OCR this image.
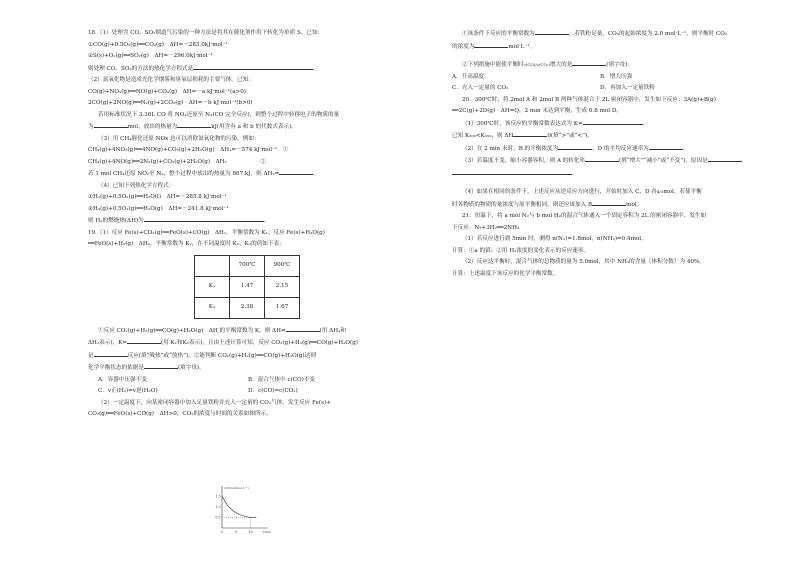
18.（1）处理含 CO、SO₂烟道气污染的一种方法是将其在催化剂作用下转化为单质 S。已知：
①CO(g)+0.5O₂(g)══CO₂(g)　ΔH=－283.0kJ·mol⁻¹
②S(s)+O₂(g)══SO₂(g)　ΔH=－296.0kJ·mol⁻¹
则处理 CO、SO₂的方法的热化学方程式是	。
（2）氮氧化物是造成光化学烟雾和臭氧层损耗的主要气体。已知：
CO(g)+NO₂(g)══NO(g)+CO₂(g)　ΔH=－a kJ·mol⁻¹(a>0)
2CO(g)+2NO(g)══N₂(g)+2CO₂(g)　ΔH=－b kJ·mol⁻¹(b>0)
若用标准状况下 3.36L CO 将 NO₂还原至 N₂(CO 完全反应)，则整个过程中转移电子的物质的量
为	mol，放出的热量为	kJ(用含有 a 和 b 的代数式表示)。
（3）用 CH₄催化还原 NOx 也可以消除氮氧化物的污染。例如：
CH₄(g)+4NO₂(g)══4NO(g)+CO₂(g)+2H₂O(g)　ΔH₁=－574 kJ·mol⁻¹　①
CH₄(g)+4NO(g)══2N₂(g)+CO₂(g)+2H₂O(g)　ΔH₂　　　　　　②
若 1 mol CH₄还原 NO₂至 N₂，整个过程中放出的热量为 867 kJ，则 ΔH₂=	。
（4）已知下列热化学方程式：
①H₂(g)+0.5O₂(g)══H₂O(l)　ΔH=－285.8 kJ·mol⁻¹
②H₂(g)+0.5O₂(g)══H₂O(g)　ΔH=－241.8 kJ·mol⁻¹
则 H₂的燃烧热(ΔH)为	。
19.（1）反应 Fe(s)+CO₂(g)══FeO(s)+CO(g)　ΔH₁，平衡常数为 K₁；反应 Fe(s)+H₂O(g)
══FeO(s)+H₂(g)　ΔH₂，平衡常数为 K₂，在不同温度时 K₁、K₂的值如下表：
	700℃	900℃
K₁	1.47	2.15
K₂	2.38	1.67
①反应 CO₂(g)+H₂(g)══CO(g)+H₂O(g)　ΔH 的平衡常数为 K，则 ΔH=	(用 ΔH₁和
ΔH₂表示)，K=	(用 K₁和K₂表示)，且由上述计算可知，反应 CO₂(g)+H₂(g)══CO(g)+H₂O(g)
是	反应(填“吸热”或“放热”)。②能判断 CO₂(g)+H₂(g)══CO(g)+H₂O(g)达到
化学平衡状态的依据是	(填字母)。
A．容器中压强不变	B．混合气体中 c(CO)不变
C．v正(H₂)=v逆(H₂O)	D．c(CO)=c(CO₂)
（2）一定温度下，向某密闭容器中加入足量铁粉并充入一定量的 CO₂气体，发生反应 Fe(s)+
CO₂(g)══FeO(s)+CO(g)　ΔH>0，CO₂的浓度与时间的关系如图所示。
c(CO₂)/(mol·L⁻¹)
t/min
1.5
1.0
0.5
0	5	10
①该条件下反应的平衡常数为	；若铁粉足量，CO₂的起始浓度为 2.0 mol·L⁻¹，则平衡时 CO₂
的浓度为	mol·L⁻¹。
②下列措施中能使平衡时c(CO)/c(CO₂)增大的是	(填字母)。
A．升高温度	B．增大压强
C．充入一定量的 CO₂	D．再加入一定量铁粉
20．300℃时，将 2mol A 和 2mol B 两种气体混合于 2L 密闭容器中，发生如下反应：3A(g)+B(g)
══2C(g)+2D(g)　ΔH=Q，2 min 末达到平衡，生成 0.8 mol D。
（1）300℃时，该反应的平衡常数表达式为 K=	。
已知 K₃₀₀<K₃₅₀，则 ΔH	0(填“>”或“<”)。
（2）在 2 min 末时，B 的平衡浓度为	，D 的平均反应速率为	。
（3）若温度不变，缩小容器容积，则 A 的转化率	(填“增大”“减小”或“不变”)，原因是
。
（4）如果在相同的条件下，上述反应从逆反应方向进行，开始时加入 C、D 各4/3mol。若使平衡
时各物质的物质的量浓度与原平衡相同，则还应该加入 B	mol。
21．恒温下，将 a mol N₂与 b mol H₂的混合气体通入一个固定容积为 2L 的密闭容器中，发生如
下反应：N₂+3H₂══2NH₃
（1）若反应进行到 5min 时，测得 n(N₂)=1.8mol，n(NH₃)=0.4mol。
计算：①a 的值；②用 H₂浓度的变化表示的反应速率。
（2）反应达平衡时，混合气体的总物质的量为 5.0mol，其中 NH₃的含量（体积分数）为 40%。
计算：上述温度下该反应的化学平衡常数。
